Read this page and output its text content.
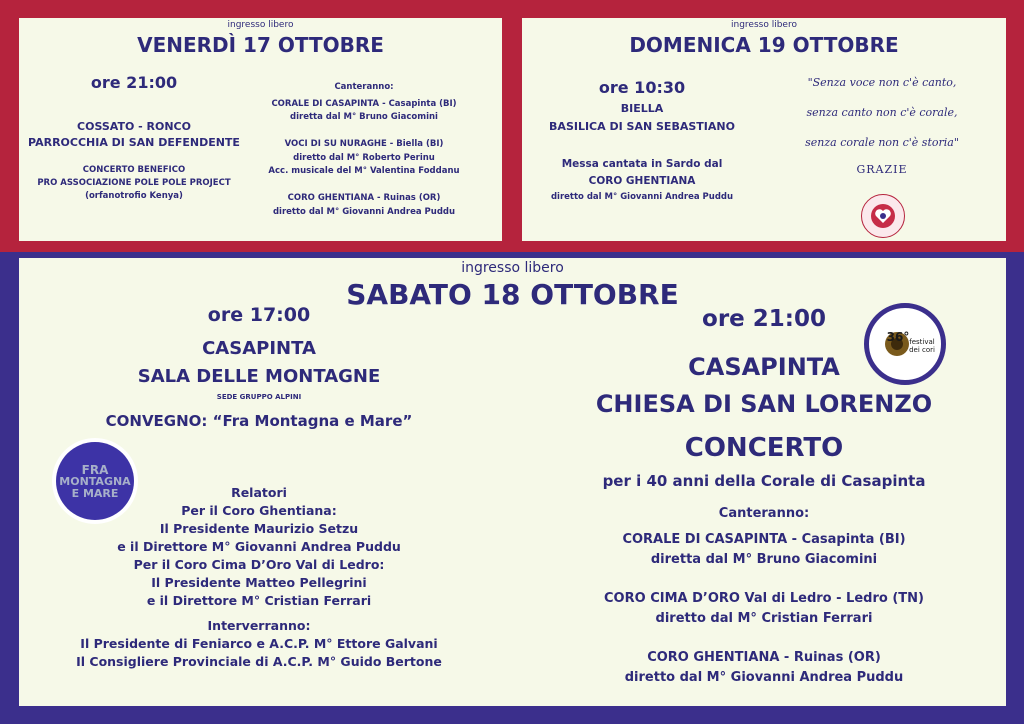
ingresso libero
VENERDÌ 17 OTTOBRE
ore 21:00
COSSATO - RONCO
PARROCCHIA DI SAN DEFENDENTE
CONCERTO BENEFICO
PRO ASSOCIAZIONE POLE POLE PROJECT
(orfanotrofio Kenya)
Canteranno:
CORALE DI CASAPINTA - Casapinta (BI)
diretta dal M° Bruno Giacomini
VOCI DI SU NURAGHE - Biella (BI)
diretto dal M° Roberto Perinu
Acc. musicale del M° Valentina Foddanu
CORO GHENTIANA - Ruinas (OR)
diretto dal M° Giovanni Andrea Puddu
ingresso libero
DOMENICA 19 OTTOBRE
ore 10:30
BIELLA
BASILICA DI SAN SEBASTIANO
Messa cantata in Sardo dal
CORO GHENTIANA
diretto dal M° Giovanni Andrea Puddu
"Senza voce non c'è canto,
senza canto non c'è corale,
senza corale non c'è storia"
GRAZIE
ingresso libero
SABATO 18 OTTOBRE
ore 17:00
CASAPINTA
SALA DELLE MONTAGNE
SEDE GRUPPO ALPINI
CONVEGNO: “Fra Montagna e Mare”
FRA
MONTAGNA
E MARE	Relatori
Per il Coro Ghentiana:
Il Presidente Maurizio Setzu
e il Direttore M° Giovanni Andrea Puddu
Per il Coro Cima D’Oro Val di Ledro:
Il Presidente Matteo Pellegrini
e il Direttore M° Cristian Ferrari
Interverranno:
Il Presidente di Feniarco e A.C.P. M° Ettore Galvani
Il Consigliere Provinciale di A.C.P. M° Guido Bertone
ore 21:00
36° festival dei cori
CASAPINTA
CHIESA DI SAN LORENZO
CONCERTO
per i 40 anni della Corale di Casapinta
Canteranno:
CORALE DI CASAPINTA - Casapinta (BI)
diretta dal M° Bruno Giacomini
CORO CIMA D’ORO Val di Ledro - Ledro (TN)
diretto dal M° Cristian Ferrari
CORO GHENTIANA - Ruinas (OR)
diretto dal M° Giovanni Andrea Puddu
